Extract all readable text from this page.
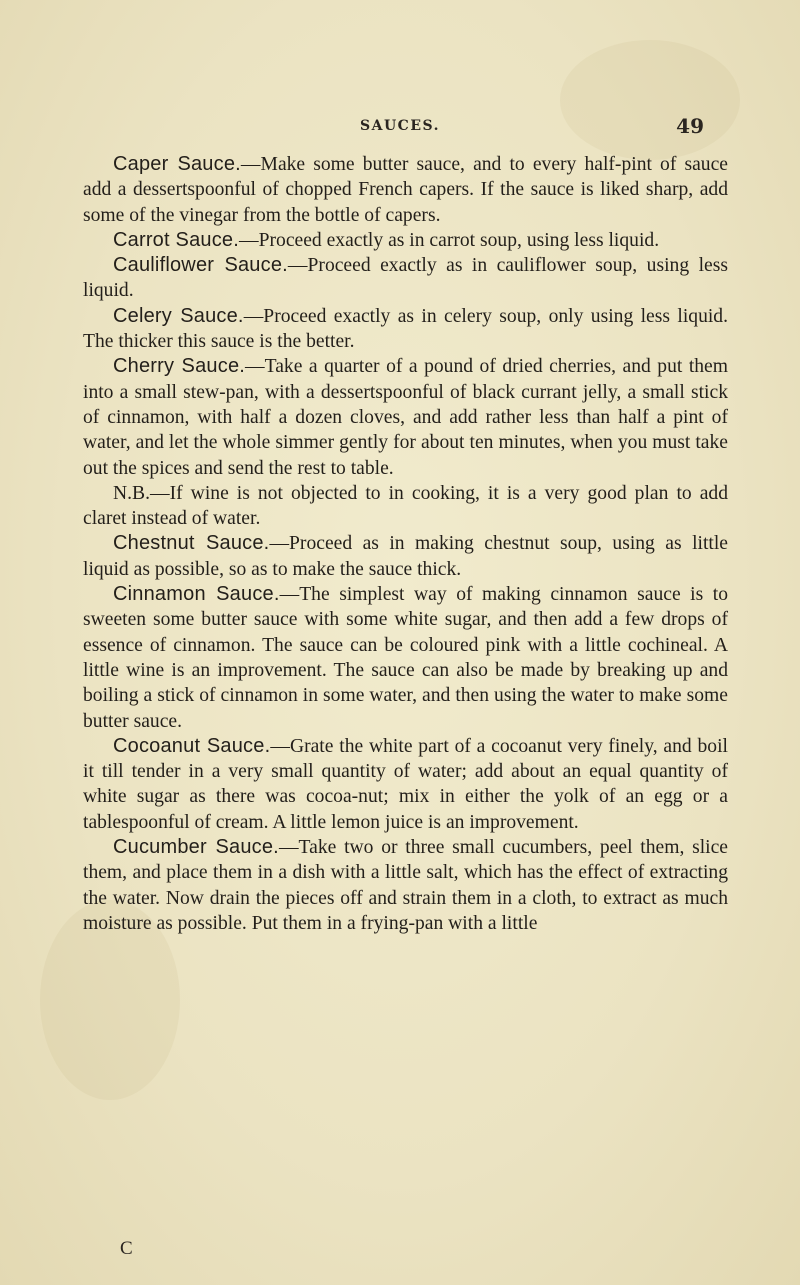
SAUCES.	49

Caper Sauce.—Make some butter sauce, and to every half-pint of sauce add a dessertspoonful of chopped French capers. If the sauce is liked sharp, add some of the vinegar from the bottle of capers.

Carrot Sauce.—Proceed exactly as in carrot soup, using less liquid.

Cauliflower Sauce.—Proceed exactly as in cauliflower soup, using less liquid.

Celery Sauce.—Proceed exactly as in celery soup, only using less liquid. The thicker this sauce is the better.

Cherry Sauce.—Take a quarter of a pound of dried cherries, and put them into a small stew-pan, with a dessertspoonful of black currant jelly, a small stick of cinnamon, with half a dozen cloves, and add rather less than half a pint of water, and let the whole simmer gently for about ten minutes, when you must take out the spices and send the rest to table.

N.B.—If wine is not objected to in cooking, it is a very good plan to add claret instead of water.

Chestnut Sauce.—Proceed as in making chestnut soup, using as little liquid as possible, so as to make the sauce thick.

Cinnamon Sauce.—The simplest way of making cinnamon sauce is to sweeten some butter sauce with some white sugar, and then add a few drops of essence of cinnamon. The sauce can be coloured pink with a little cochineal. A little wine is an improvement. The sauce can also be made by breaking up and boiling a stick of cinnamon in some water, and then using the water to make some butter sauce.

Cocoanut Sauce.—Grate the white part of a cocoanut very finely, and boil it till tender in a very small quantity of water; add about an equal quantity of white sugar as there was cocoa-nut; mix in either the yolk of an egg or a tablespoonful of cream. A little lemon juice is an improvement.

Cucumber Sauce.—Take two or three small cucumbers, peel them, slice them, and place them in a dish with a little salt, which has the effect of extracting the water. Now drain the pieces off and strain them in a cloth, to extract as much moisture as possible. Put them in a frying-pan with a little

C
